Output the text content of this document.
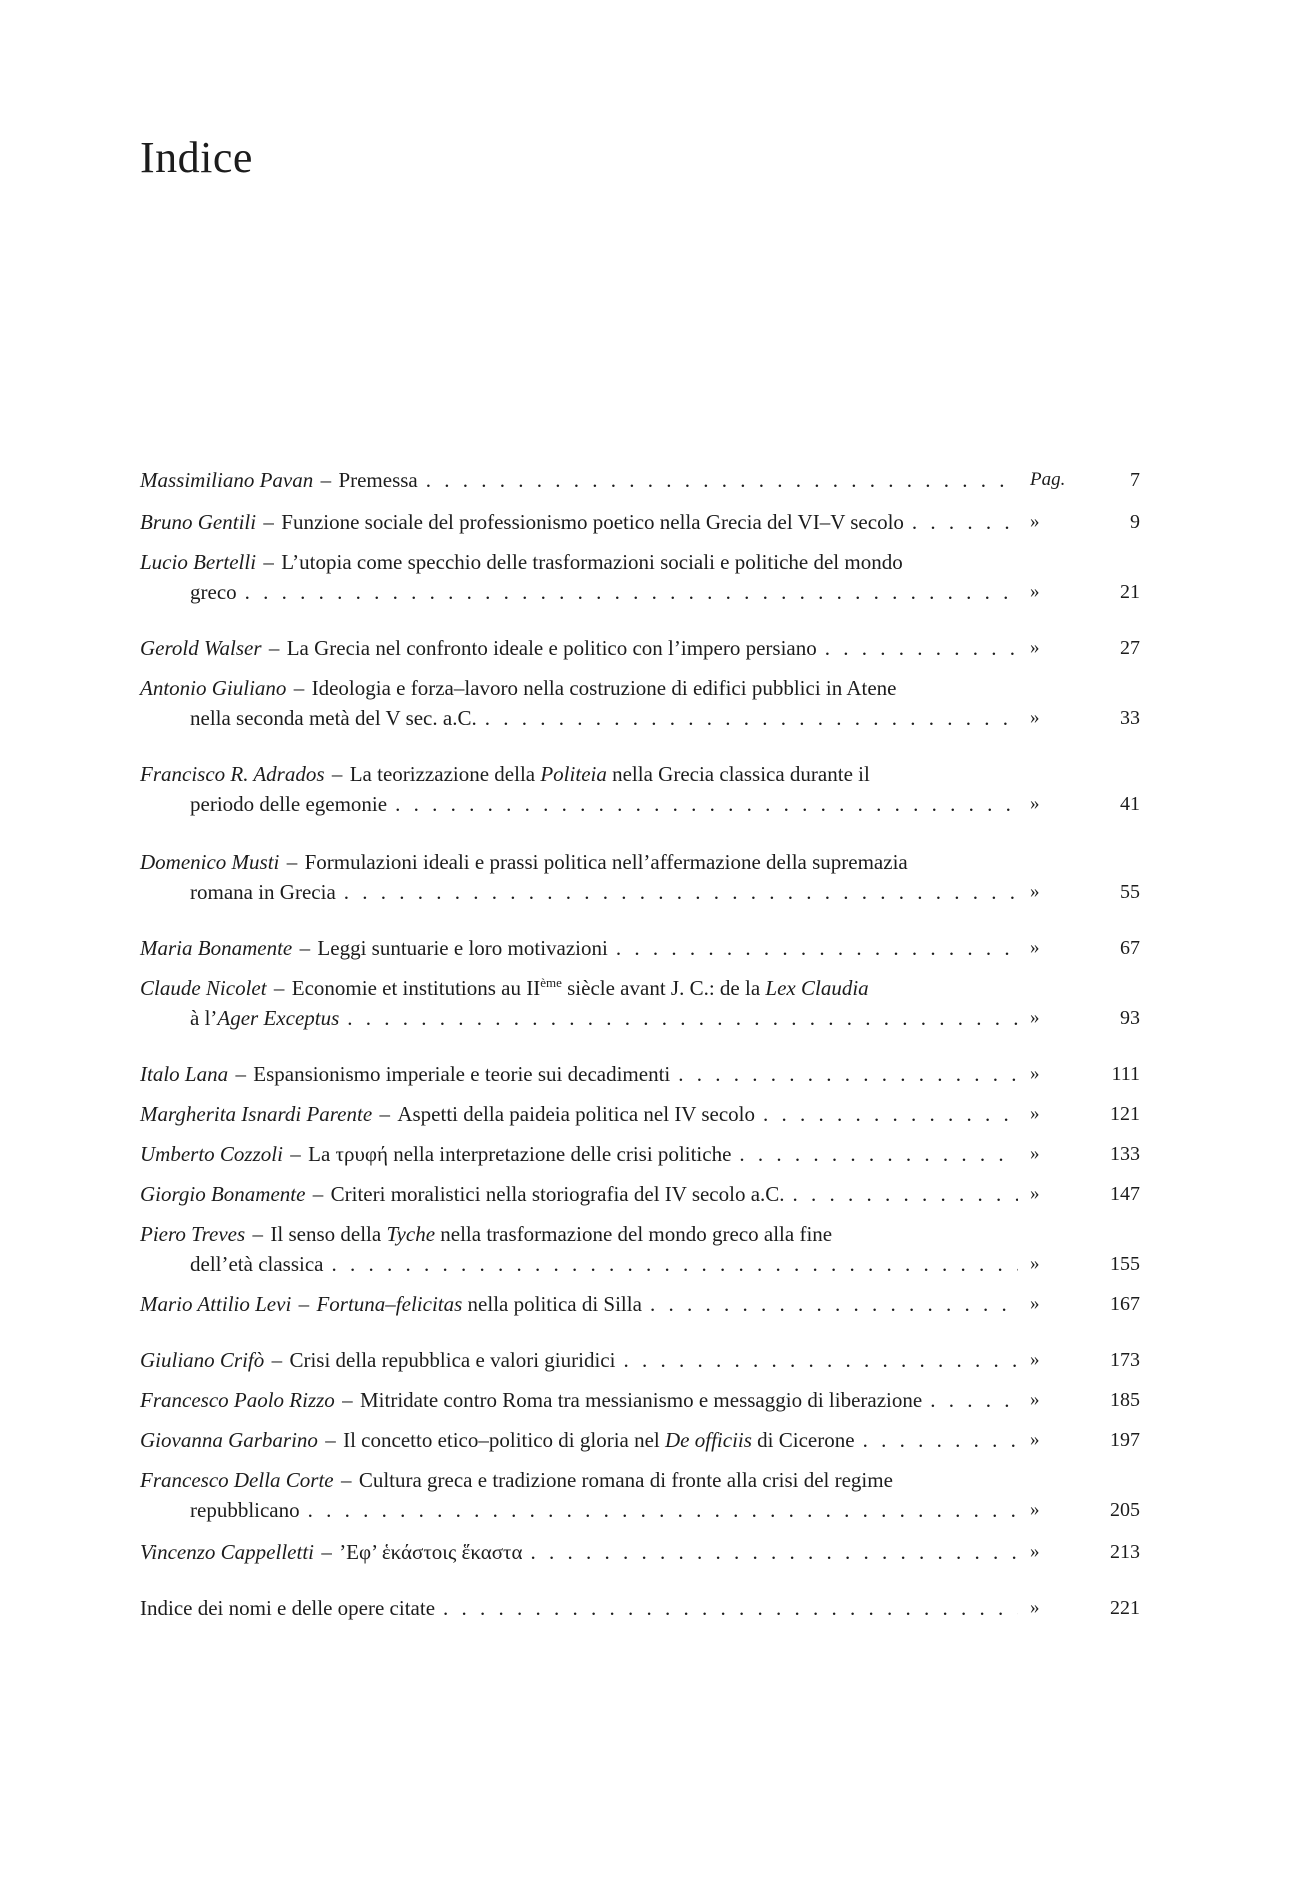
Indice
Massimiliano Pavan – Premessa . . .	Pag.	7
Bruno Gentili – Funzione sociale del professionismo poetico nella Grecia del VI–V secolo . . .	»	9
Lucio Bertelli – L’utopia come specchio delle trasformazioni sociali e politiche del mondo
greco . . .	»	21
Gerold Walser – La Grecia nel confronto ideale e politico con l’impero persiano . . .	»	27
Antonio Giuliano – Ideologia e forza–lavoro nella costruzione di edifici pubblici in Atene
nella seconda metà del V sec. a.C. . . .	»	33
Francisco R. Adrados – La teorizzazione della Politeia nella Grecia classica durante il
periodo delle egemonie . . .	»	41
Domenico Musti – Formulazioni ideali e prassi politica nell’affermazione della supremazia
romana in Grecia . . .	»	55
Maria Bonamente – Leggi suntuarie e loro motivazioni . . .	»	67
Claude Nicolet – Economie et institutions au IIème siècle avant J. C.: de la Lex Claudia
à l’Ager Exceptus . . .	»	93
Italo Lana – Espansionismo imperiale e teorie sui decadimenti . . .	»	111
Margherita Isnardi Parente – Aspetti della paideia politica nel IV secolo . . .	»	121
Umberto Cozzoli – La τρυφή nella interpretazione delle crisi politiche . . .	»	133
Giorgio Bonamente – Criteri moralistici nella storiografia del IV secolo a.C. . . .	»	147
Piero Treves – Il senso della Tyche nella trasformazione del mondo greco alla fine
dell’età classica . . .	»	155
Mario Attilio Levi – Fortuna–felicitas nella politica di Silla . . .	»	167
Giuliano Crifò – Crisi della repubblica e valori giuridici . . .	»	173
Francesco Paolo Rizzo – Mitridate contro Roma tra messianismo e messaggio di liberazione . . .	»	185
Giovanna Garbarino – Il concetto etico–politico di gloria nel De officiis di Cicerone . . .	»	197
Francesco Della Corte – Cultura greca e tradizione romana di fronte alla crisi del regime
repubblicano . . .	»	205
Vincenzo Cappelletti – ’Εφ’ ἑκάστοις ἕκαστα . . .	»	213
Indice dei nomi e delle opere citate . . .	»	221
